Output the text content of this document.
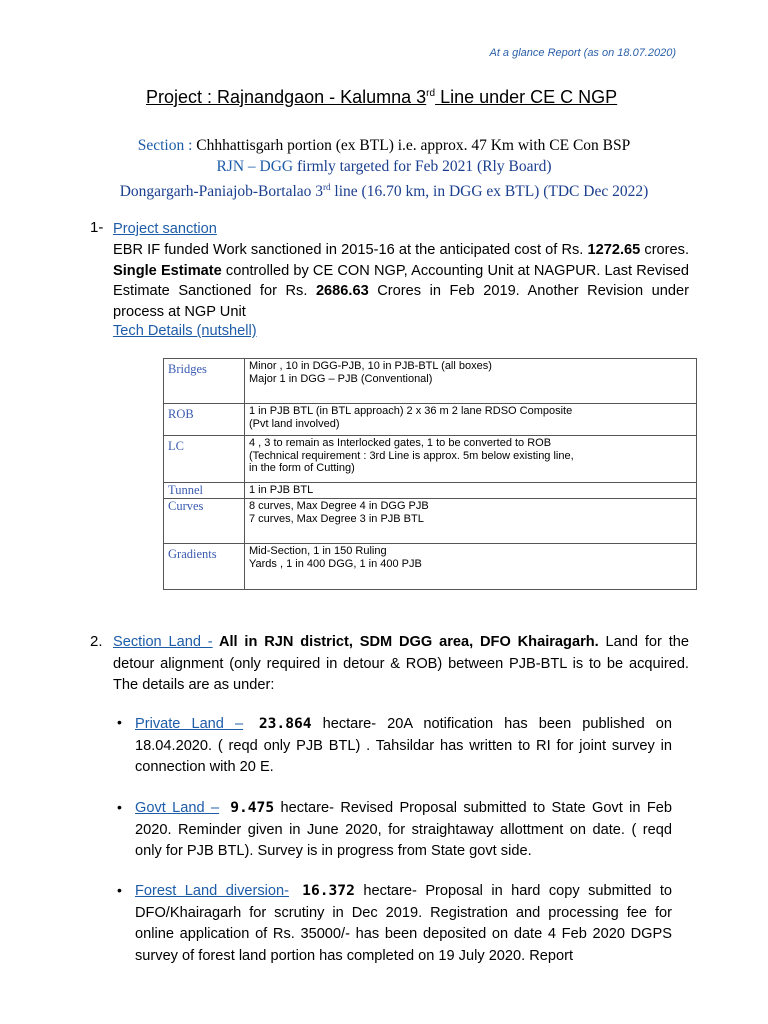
At a glance Report (as on 18.07.2020)
Project : Rajnandgaon - Kalumna 3rd Line under CE C NGP
Section : Chhhattisgarh portion (ex BTL) i.e. approx. 47 Km with CE Con BSP
RJN – DGG firmly targeted for Feb 2021 (Rly Board)
Dongargarh-Paniajob-Bortalao 3rd line (16.70 km, in DGG ex BTL) (TDC Dec 2022)
1- Project sanction
EBR IF funded Work sanctioned in 2015-16 at the anticipated cost of Rs. 1272.65 crores. Single Estimate controlled by CE CON NGP, Accounting Unit at NAGPUR. Last Revised Estimate Sanctioned for Rs. 2686.63 Crores in Feb 2019. Another Revision under process at NGP Unit
Tech Details (nutshell)
Bridges	Minor , 10 in DGG-PJB, 10 in PJB-BTL (all boxes)
Major 1 in DGG – PJB (Conventional)

ROB	1 in PJB BTL (in BTL approach) 2 x 36 m 2 lane RDSO Composite
(Pvt land involved)

LC	4 , 3 to remain as Interlocked gates, 1 to be converted to ROB
(Technical requirement : 3rd Line is approx. 5m below existing line,
in the form of Cutting)

Tunnel	1 in PJB BTL

Curves	8 curves, Max Degree 4 in DGG PJB
7 curves, Max Degree 3 in PJB BTL

Gradients	Mid-Section, 1 in 150 Ruling
Yards , 1 in 400 DGG, 1 in 400 PJB
2. Section Land - All in RJN district, SDM DGG area, DFO Khairagarh. Land for the detour alignment (only required in detour & ROB) between PJB-BTL is to be acquired. The details are as under:
• Private Land – 23.864 hectare- 20A notification has been published on 18.04.2020. ( reqd only PJB BTL) . Tahsildar has written to RI for joint survey in connection with 20 E.
• Govt Land – 9.475 hectare- Revised Proposal submitted to State Govt in Feb 2020. Reminder given in June 2020, for straightaway allottment on date. ( reqd only for PJB BTL). Survey is in progress from State govt side.
• Forest Land diversion- 16.372 hectare- Proposal in hard copy submitted to DFO/Khairagarh for scrutiny in Dec 2019. Registration and processing fee for online application of Rs. 35000/- has been deposited on date 4 Feb 2020 DGPS survey of forest land portion has completed on 19 July 2020. Report
